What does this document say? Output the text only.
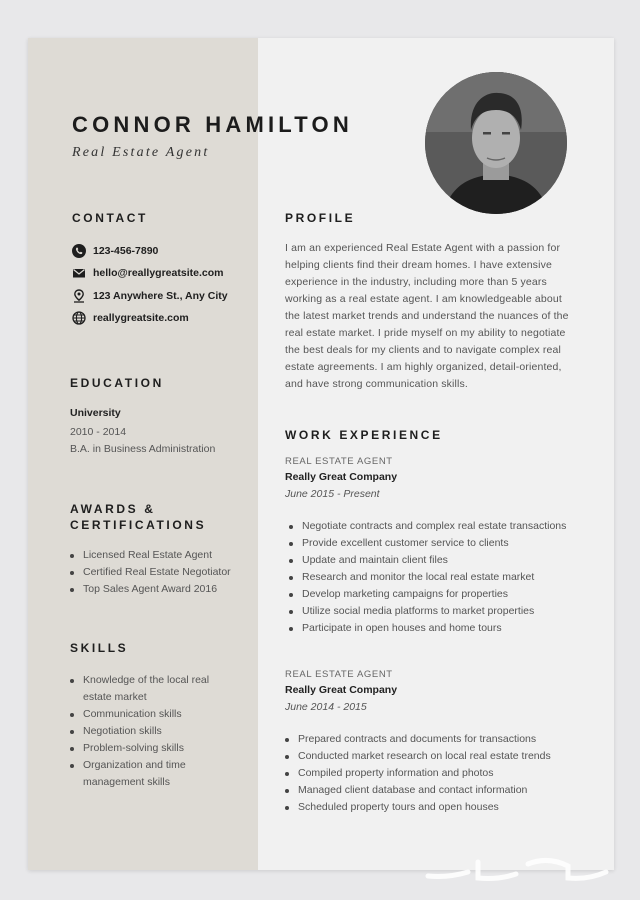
CONNOR HAMILTON

Real Estate Agent

CONTACT
123-456-7890
hello@reallygreatsite.com
123 Anywhere St., Any City
reallygreatsite.com
EDUCATION
University
2010 - 2014
B.A. in Business Administration
AWARDS &
CERTIFICATIONS
Licensed Real Estate Agent
Certified Real Estate Negotiator
Top Sales Agent Award 2016
SKILLS
Knowledge of the local real estate market
Communication skills
Negotiation skills
Problem-solving skills
Organization and time management skills
PROFILE

I am an experienced Real Estate Agent with a passion for helping clients find their dream homes. I have extensive experience in the industry, including more than 5 years working as a real estate agent. I am knowledgeable about the latest market trends and understand the nuances of the real estate market. I pride myself on my ability to negotiate the best deals for my clients and to navigate complex real estate agreements. I am highly organized, detail-oriented, and have strong communication skills.

WORK EXPERIENCE
REAL ESTATE AGENT
Really Great Company
June 2015 - Present
Negotiate contracts and complex real estate transactions
Provide excellent customer service to clients
Update and maintain client files
Research and monitor the local real estate market
Develop marketing campaigns for properties
Utilize social media platforms to market properties
Participate in open houses and home tours
REAL ESTATE AGENT
Really Great Company
June 2014 - 2015
Prepared contracts and documents for transactions
Conducted market research on local real estate trends
Compiled property information and photos
Managed client database and contact information
Scheduled property tours and open houses
